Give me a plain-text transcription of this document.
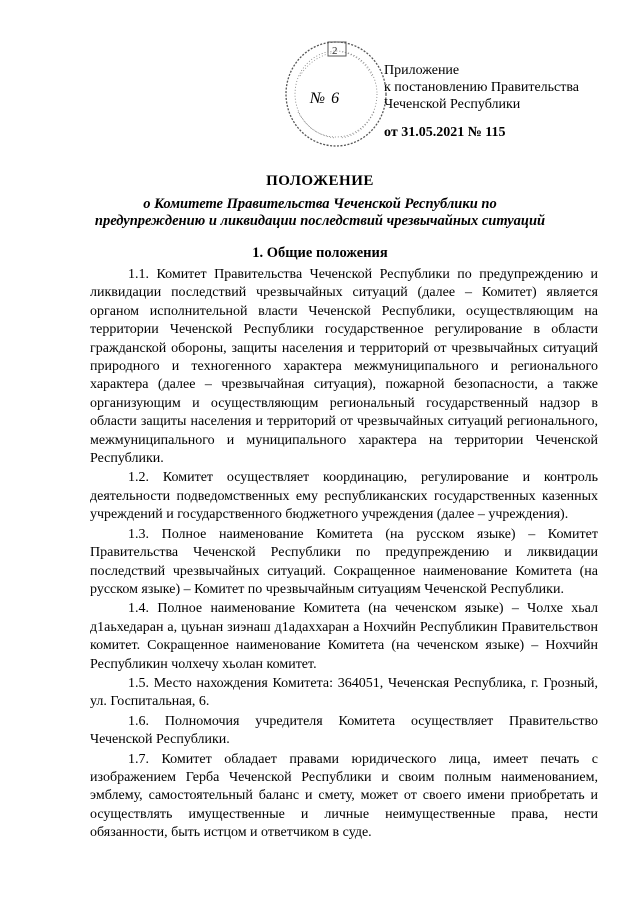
2
№ 6
Приложение
к постановлению Правительства
Чеченской Республики
от 31.05.2021 № 115
ПОЛОЖЕНИЕ
о Комитете Правительства Чеченской Республики по предупреждению и ликвидации последствий чрезвычайных ситуаций
1. Общие положения

1.1. Комитет Правительства Чеченской Республики по предупреждению и ликвидации последствий чрезвычайных ситуаций (далее – Комитет) является органом исполнительной власти Чеченской Республики, осуществляющим на территории Чеченской Республики государственное регулирование в области гражданской обороны, защиты населения и территорий от чрезвычайных ситуаций природного и техногенного характера межмуниципального и регионального характера (далее – чрезвычайная ситуация), пожарной безопасности, а также организующим и осуществляющим региональный государственный надзор в области защиты населения и территорий от чрезвычайных ситуаций регионального, межмуниципального и муниципального характера на территории Чеченской Республики.

1.2. Комитет осуществляет координацию, регулирование и контроль деятельности подведомственных ему республиканских государственных казенных учреждений и государственного бюджетного учреждения (далее – учреждения).

1.3. Полное наименование Комитета (на русском языке) – Комитет Правительства Чеченской Республики по предупреждению и ликвидации последствий чрезвычайных ситуаций. Сокращенное наименование Комитета (на русском языке) – Комитет по чрезвычайным ситуациям Чеченской Республики.

1.4. Полное наименование Комитета (на чеченском языке) – Чолхе хьал д1аьхедаран а, цуьнан зиэнаш д1адаххаран а Нохчийн Республикин Правительствон комитет. Сокращенное наименование Комитета (на чеченском языке) – Нохчийн Республикин чолхечу хьолан комитет.

1.5. Место нахождения Комитета: 364051, Чеченская Республика, г. Грозный, ул. Госпитальная, 6.

1.6. Полномочия учредителя Комитета осуществляет Правительство Чеченской Республики.

1.7. Комитет обладает правами юридического лица, имеет печать с изображением Герба Чеченской Республики и своим полным наименованием, эмблему, самостоятельный баланс и смету, может от своего имени приобретать и осуществлять имущественные и личные неимущественные права, нести обязанности, быть истцом и ответчиком в суде.
